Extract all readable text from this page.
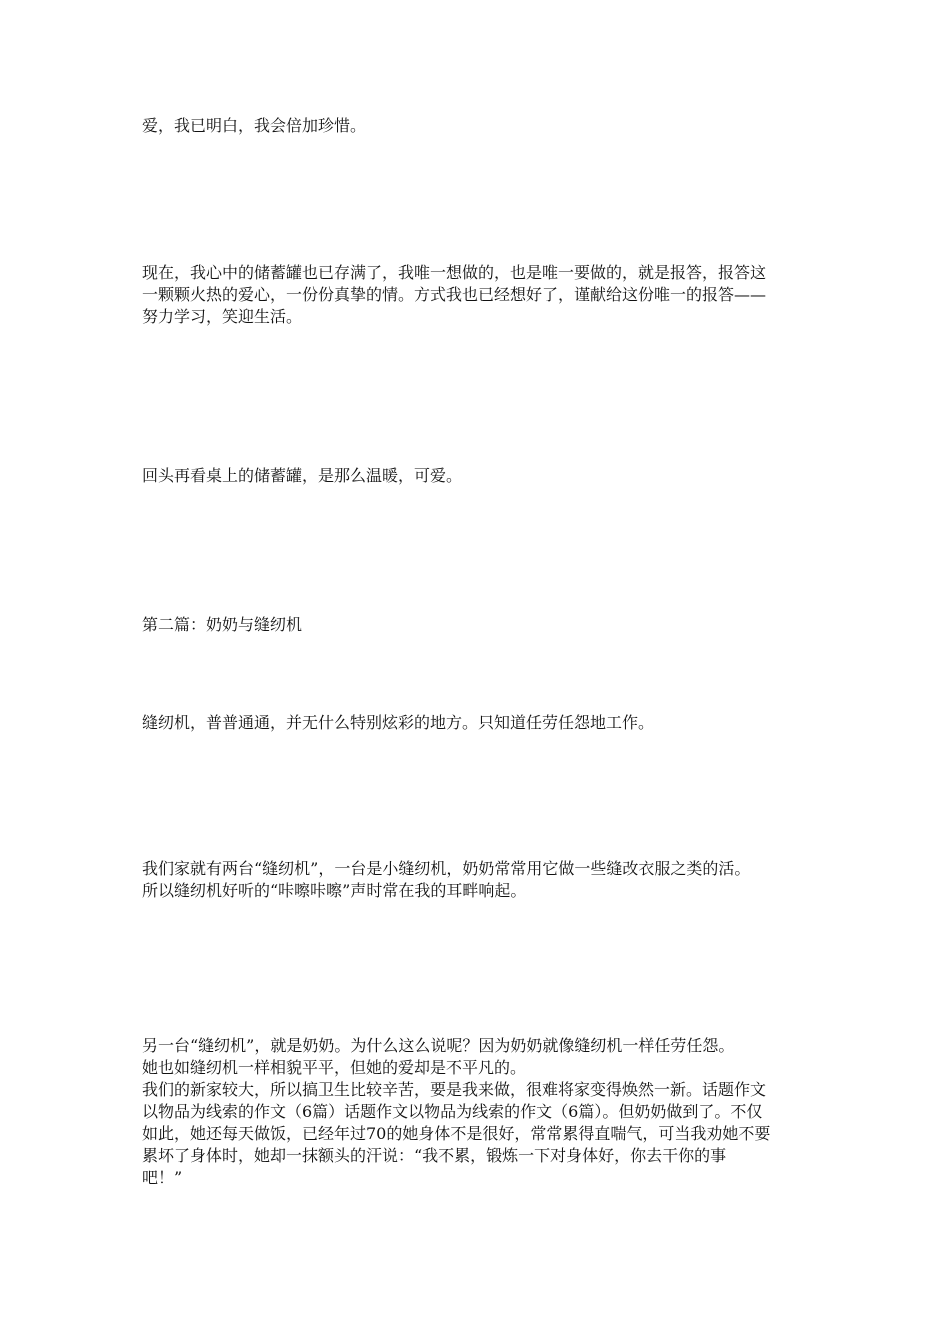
爱，我已明白，我会倍加珍惜。

现在，我心中的储蓄罐也已存满了，我唯一想做的，也是唯一要做的，就是报答，报答这
一颗颗火热的爱心，一份份真挚的情。方式我也已经想好了，谨献给这份唯一的报答——
努力学习，笑迎生活。

回头再看桌上的储蓄罐，是那么温暖，可爱。

第二篇：奶奶与缝纫机

缝纫机，普普通通，并无什么特别炫彩的地方。只知道任劳任怨地工作。

我们家就有两台“缝纫机”，一台是小缝纫机，奶奶常常用它做一些缝改衣服之类的活。
所以缝纫机好听的“咔嚓咔嚓”声时常在我的耳畔响起。

另一台“缝纫机”，就是奶奶。为什么这么说呢？因为奶奶就像缝纫机一样任劳任怨。
她也如缝纫机一样相貌平平，但她的爱却是不平凡的。
我们的新家较大，所以搞卫生比较辛苦，要是我来做，很难将家变得焕然一新。话题作文
以物品为线索的作文（6篇）话题作文以物品为线索的作文（6篇）。但奶奶做到了。不仅
如此，她还每天做饭，已经年过70的她身体不是很好，常常累得直喘气，可当我劝她不要
累坏了身体时，她却一抹额头的汗说：“我不累，锻炼一下对身体好，你去干你的事
吧！”
